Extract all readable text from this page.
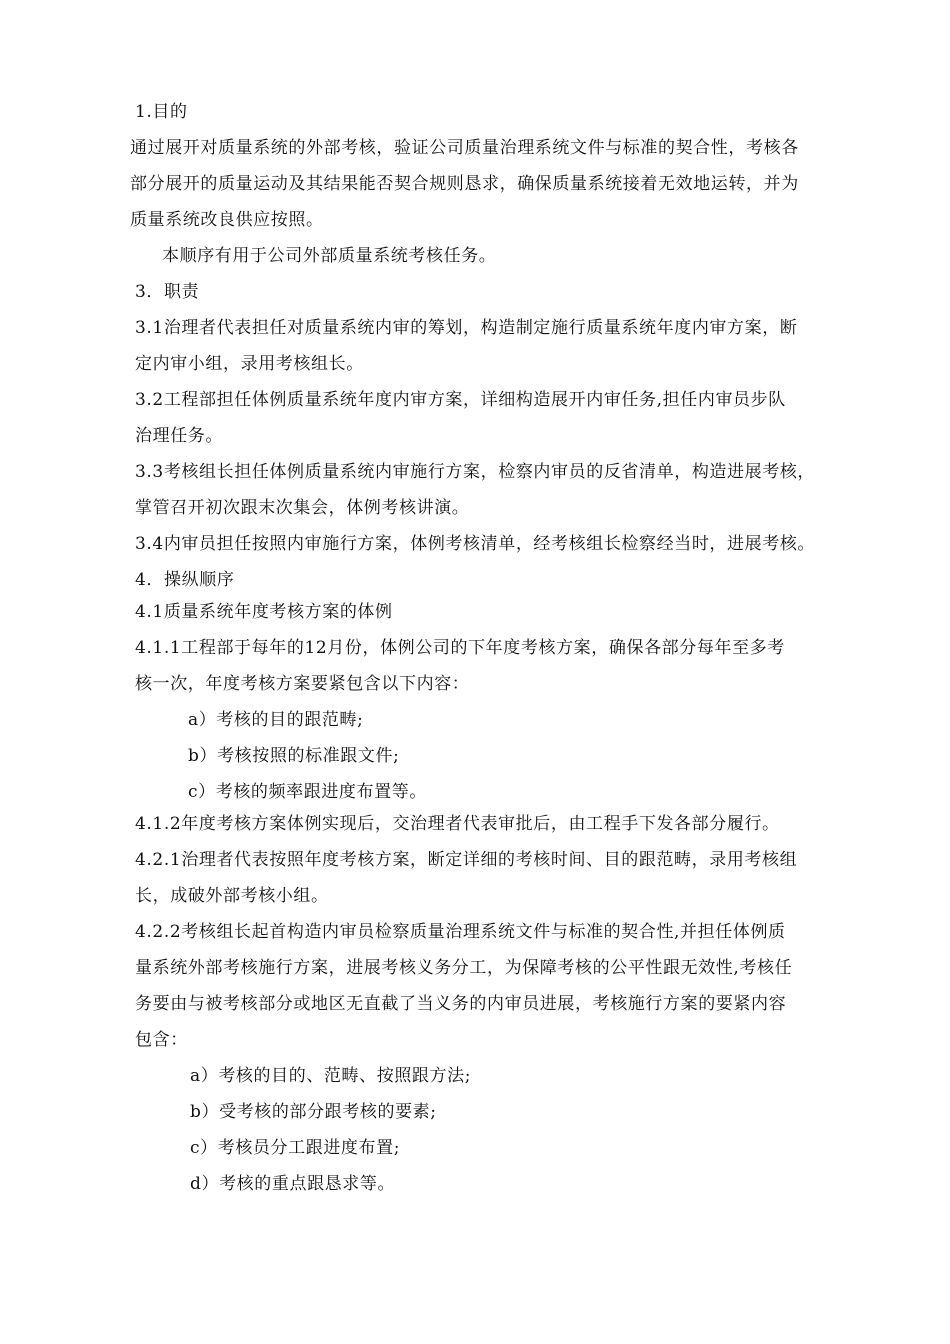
1.目的
通过展开对质量系统的外部考核，验证公司质量治理系统文件与标准的契合性，考核各
部分展开的质量运动及其结果能否契合规则恳求，确保质量系统接着无效地运转，并为
质量系统改良供应按照。
本顺序有用于公司外部质量系统考核任务。
3．职责
3.1治理者代表担任对质量系统内审的筹划，构造制定施行质量系统年度内审方案，断
定内审小组，录用考核组长。
3.2工程部担任体例质量系统年度内审方案，详细构造展开内审任务,担任内审员步队
治理任务。
3.3考核组长担任体例质量系统内审施行方案，检察内审员的反省清单，构造进展考核，
掌管召开初次跟末次集会，体例考核讲演。
3.4内审员担任按照内审施行方案，体例考核清单，经考核组长检察经当时，进展考核。
4．操纵顺序
4.1质量系统年度考核方案的体例
4.1.1工程部于每年的12月份，体例公司的下年度考核方案，确保各部分每年至多考
核一次，年度考核方案要紧包含以下内容：
a）考核的目的跟范畴;
b）考核按照的标准跟文件;
c）考核的频率跟进度布置等。
4.1.2年度考核方案体例实现后，交治理者代表审批后，由工程手下发各部分履行。
4.2.1治理者代表按照年度考核方案，断定详细的考核时间、目的跟范畴，录用考核组
长，成破外部考核小组。
4.2.2考核组长起首构造内审员检察质量治理系统文件与标准的契合性,并担任体例质
量系统外部考核施行方案，进展考核义务分工，为保障考核的公平性跟无效性,考核任
务要由与被考核部分或地区无直截了当义务的内审员进展，考核施行方案的要紧内容
包含：
a）考核的目的、范畴、按照跟方法;
b）受考核的部分跟考核的要素;
c）考核员分工跟进度布置;
d）考核的重点跟恳求等。
